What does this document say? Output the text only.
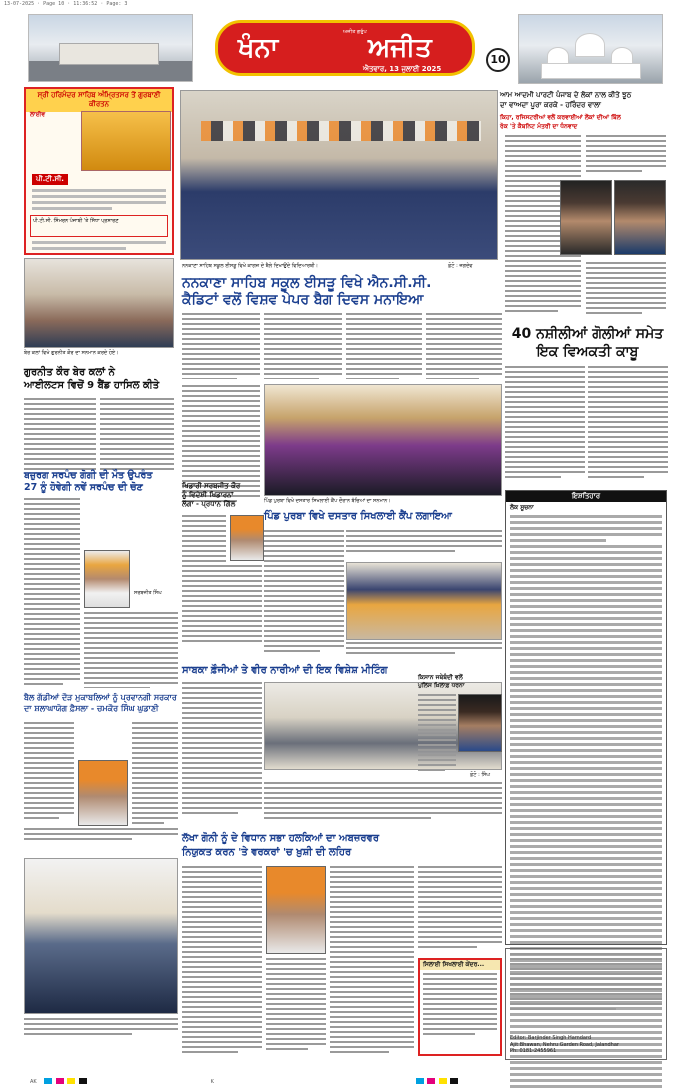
13-07-2025 · Page 10 · 11:36:52 · Page: 3
ਖੰਨਾ
ਅਜੀਤ ਗਰੁੱਪ
ਅਜੀਤ
ਐਤਵਾਰ, 13 ਜੁਲਾਈ 2025
10
ਸ੍ਰੀ ਹਰਿਮੰਦਰ ਸਾਹਿਬ ਅੰਮ੍ਰਿਤਸਰ ਤੋਂ ਗੁਰਬਾਣੀ ਕੀਰਤਨ
ਲਾਈਵ
ਪੀ.ਟੀ.ਸੀ.
ਪੀ.ਟੀ.ਸੀ. ਸਿੰਮਰਨ ਪੰਜਾਬੀ 'ਤੇ ਸਿੱਧਾ ਪ੍ਰਸਾਰਣ
ਨਨਕਾਣਾ ਸਾਹਿਬ ਸਕੂਲ ਈਸੜੂ ਵਿਖੇ ਕਾਗਜ਼ ਦੇ ਥੈਲੇ ਦਿਖਾਉਂਦੇ ਵਿਦਿਆਰਥੀ।	ਫ਼ੋਟੋ : ਜਗਦੇਵ
ਨਨਕਾਣਾ ਸਾਹਿਬ ਸਕੂਲ ਈਸੜੂ ਵਿਖੇ ਐਨ.ਸੀ.ਸੀ.
ਕੈਡਿਟਾਂ ਵਲੋਂ ਵਿਸ਼ਵ ਪੇਪਰ ਬੈਗ ਦਿਵਸ ਮਨਾਇਆ
ਬੇਰ ਕਲਾਂ ਵਿਖੇ ਗੁਰਨੀਤ ਕੌਰ ਦਾ ਸਨਮਾਨ ਕਰਦੇ ਹੋਏ।
ਗੁਰਨੀਤ ਕੌਰ ਬੇਰ ਕਲਾਂ ਨੇ
ਆਈਲਟਸ ਵਿਚੋਂ 9 ਬੈਂਡ ਹਾਸਿਲ ਕੀਤੇ
ਬਜ਼ੁਰਗ ਸਰਪੰਚ ਗੋਗੀ ਦੀ ਮੌਤ ਉਪਰੰਤ
27 ਨੂੰ ਹੋਵੇਗੀ ਨਵੇਂ ਸਰਪੰਚ ਦੀ ਚੋਣ
ਸਰਬਜੀਤ ਸਿੰਘ
ਬੈਲ ਗੱਡੀਆਂ ਦੌੜ ਮੁਕਾਬਲਿਆਂ ਨੂੰ ਪ੍ਰਵਾਨਗੀ ਸਰਕਾਰ
ਦਾ ਸ਼ਲਾਘਾਯੋਗ ਫ਼ੈਸਲਾ - ਚਮਕੌਰ ਸਿੰਘ ਘੁਡਾਣੀ
ਖਿਡਾਰੀ ਸਰਬਜੀਤ ਕੌਰ
ਨੂੰ ਵਿਦੇਸ਼ੀ ਖਿਡਾਰਨਾਂ
ਲੱਗਾ - ਪ੍ਰਧਾਨ ਗਿੱਲ	ਪਿੰਡ ਪੁਰਬਾ ਵਿਖੇ ਦਸਤਾਰ ਸਿਖਲਾਈ ਕੈਂਪ ਦੌਰਾਨ ਬੱਚਿਆਂ ਦਾ ਸਨਮਾਨ।
ਪਿੰਡ ਪੁਰਬਾ ਵਿਖੇ ਦਸਤਾਰ ਸਿਖਲਾਈ ਕੈਂਪ ਲਗਾਇਆ
ਸਾਬਕਾ ਫ਼ੌਜੀਆਂ ਤੇ ਵੀਰ ਨਾਰੀਆਂ ਦੀ ਇਕ ਵਿਸ਼ੇਸ਼ ਮੀਟਿੰਗ
ਫ਼ੋਟੋ : ਸਿੰਘ
ਲੱਖਾ ਗੋਨੀ ਨੂੰ ਦੇ ਵਿਧਾਨ ਸਭਾ ਹਲਕਿਆਂ ਦਾ ਅਬਜ਼ਰਵਰ
ਨਿਯੁਕਤ ਕਰਨ 'ਤੇ ਵਰਕਰਾਂ 'ਚ ਖ਼ੁਸ਼ੀ ਦੀ ਲਹਿਰ
ਸਿਲਾਈ ਸਿਖਲਾਈ ਕੇਂਦਰ...
ਆਮ ਆਦਮੀ ਪਾਰਟੀ ਪੰਜਾਬ ਦੇ ਲੋਕਾਂ ਨਾਲ ਕੀਤੇ ਝੂਠ
ਦਾ ਵਾਅਦਾ ਪੂਰਾ ਕਰਕੇ - ਹਰਿੰਦਰ ਵਾਲਾ
ਕਿਹਾ, ਰਜਿਸਟਰੀਆਂ ਵਲੋਂ ਕਰਵਾਈਆਂ ਲੋਕਾਂ ਦੀਆਂ ਬਿੱਲ
ਰੋਕ 'ਤੇ ਕੈਬਨਿਟ ਮੰਤਰੀ ਦਾ ਧੰਨਵਾਦ
40 ਨਸ਼ੀਲੀਆਂ ਗੋਲੀਆਂ ਸਮੇਤ
ਇਕ ਵਿਅਕਤੀ ਕਾਬੂ
ਇਸ਼ਤਿਹਾਰ
ਲੋਕ ਸੂਚਨਾ
ਕਿਸਾਨ ਜਥੇਬੰਦੀ ਵਲੋਂ
ਪੁਲਿਸ ਖ਼ਿਲਾਫ਼ ਧਰਨਾ
Editor: Barjinder Singh Hamdard
Ajit Bhawan, Nehru Garden Road, Jalandhar
Ph: 0181-2455961
AK	K
